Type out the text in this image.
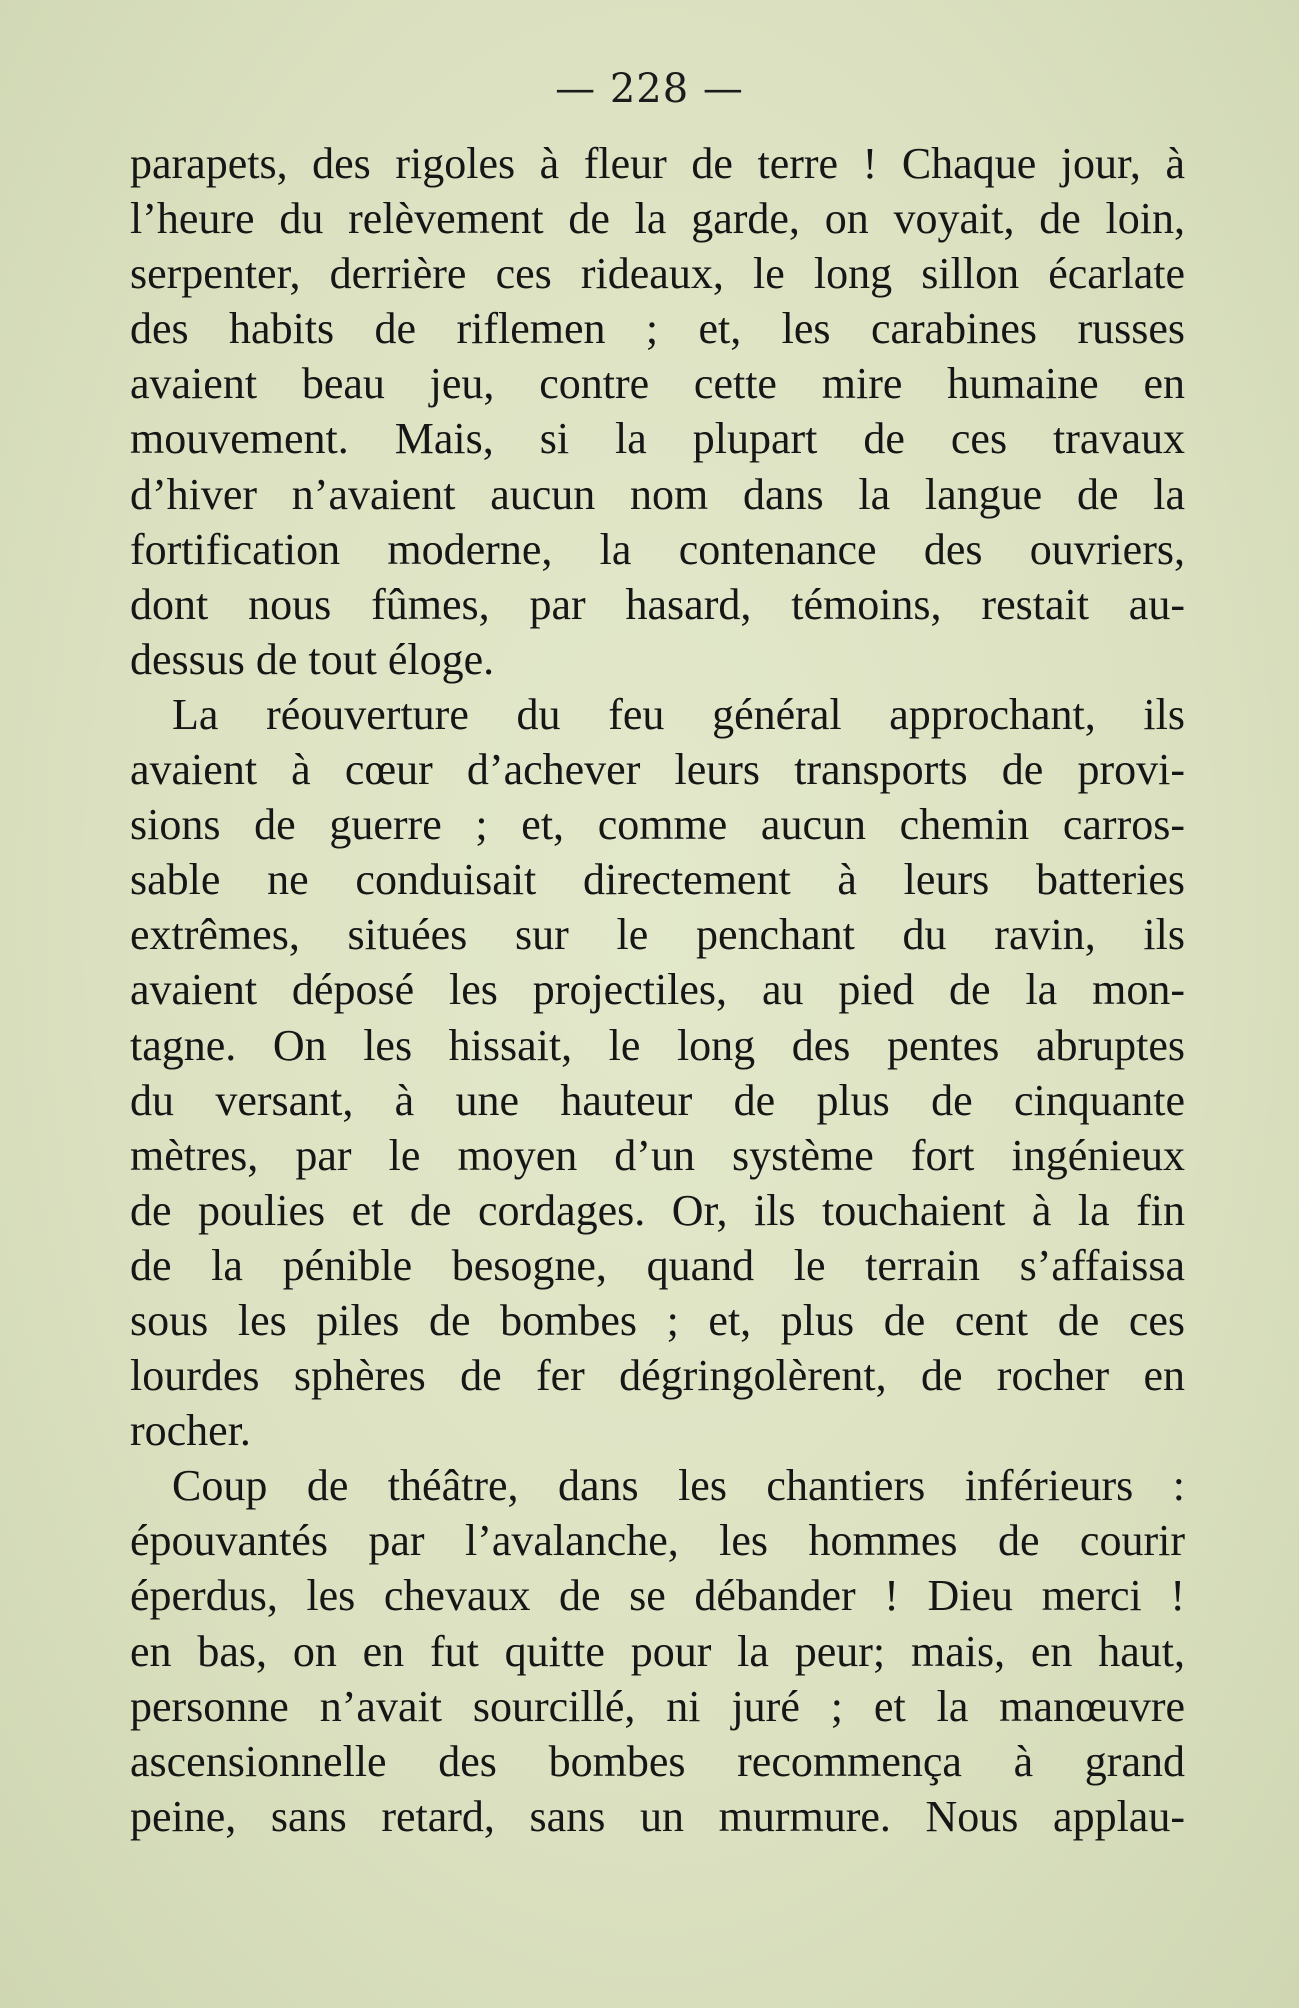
— 228 —
parapets, des rigoles à fleur de terre ! Chaque jour, à
l’heure du relèvement de la garde, on voyait, de loin,
serpenter, derrière ces rideaux, le long sillon écarlate
des habits de riflemen ; et, les carabines russes
avaient beau jeu, contre cette mire humaine en
mouvement. Mais, si la plupart de ces travaux
d’hiver n’avaient aucun nom dans la langue de la
fortification moderne, la contenance des ouvriers,
dont nous fûmes, par hasard, témoins, restait au-
dessus de tout éloge.
La réouverture du feu général approchant, ils
avaient à cœur d’achever leurs transports de provi-
sions de guerre ; et, comme aucun chemin carros-
sable ne conduisait directement à leurs batteries
extrêmes, situées sur le penchant du ravin, ils
avaient déposé les projectiles, au pied de la mon-
tagne. On les hissait, le long des pentes abruptes
du versant, à une hauteur de plus de cinquante
mètres, par le moyen d’un système fort ingénieux
de poulies et de cordages. Or, ils touchaient à la fin
de la pénible besogne, quand le terrain s’affaissa
sous les piles de bombes ; et, plus de cent de ces
lourdes sphères de fer dégringolèrent, de rocher en
rocher.
Coup de théâtre, dans les chantiers inférieurs :
épouvantés par l’avalanche, les hommes de courir
éperdus, les chevaux de se débander ! Dieu merci !
en bas, on en fut quitte pour la peur; mais, en haut,
personne n’avait sourcillé, ni juré ; et la manœuvre
ascensionnelle des bombes recommença à grand
peine, sans retard, sans un murmure. Nous applau-
